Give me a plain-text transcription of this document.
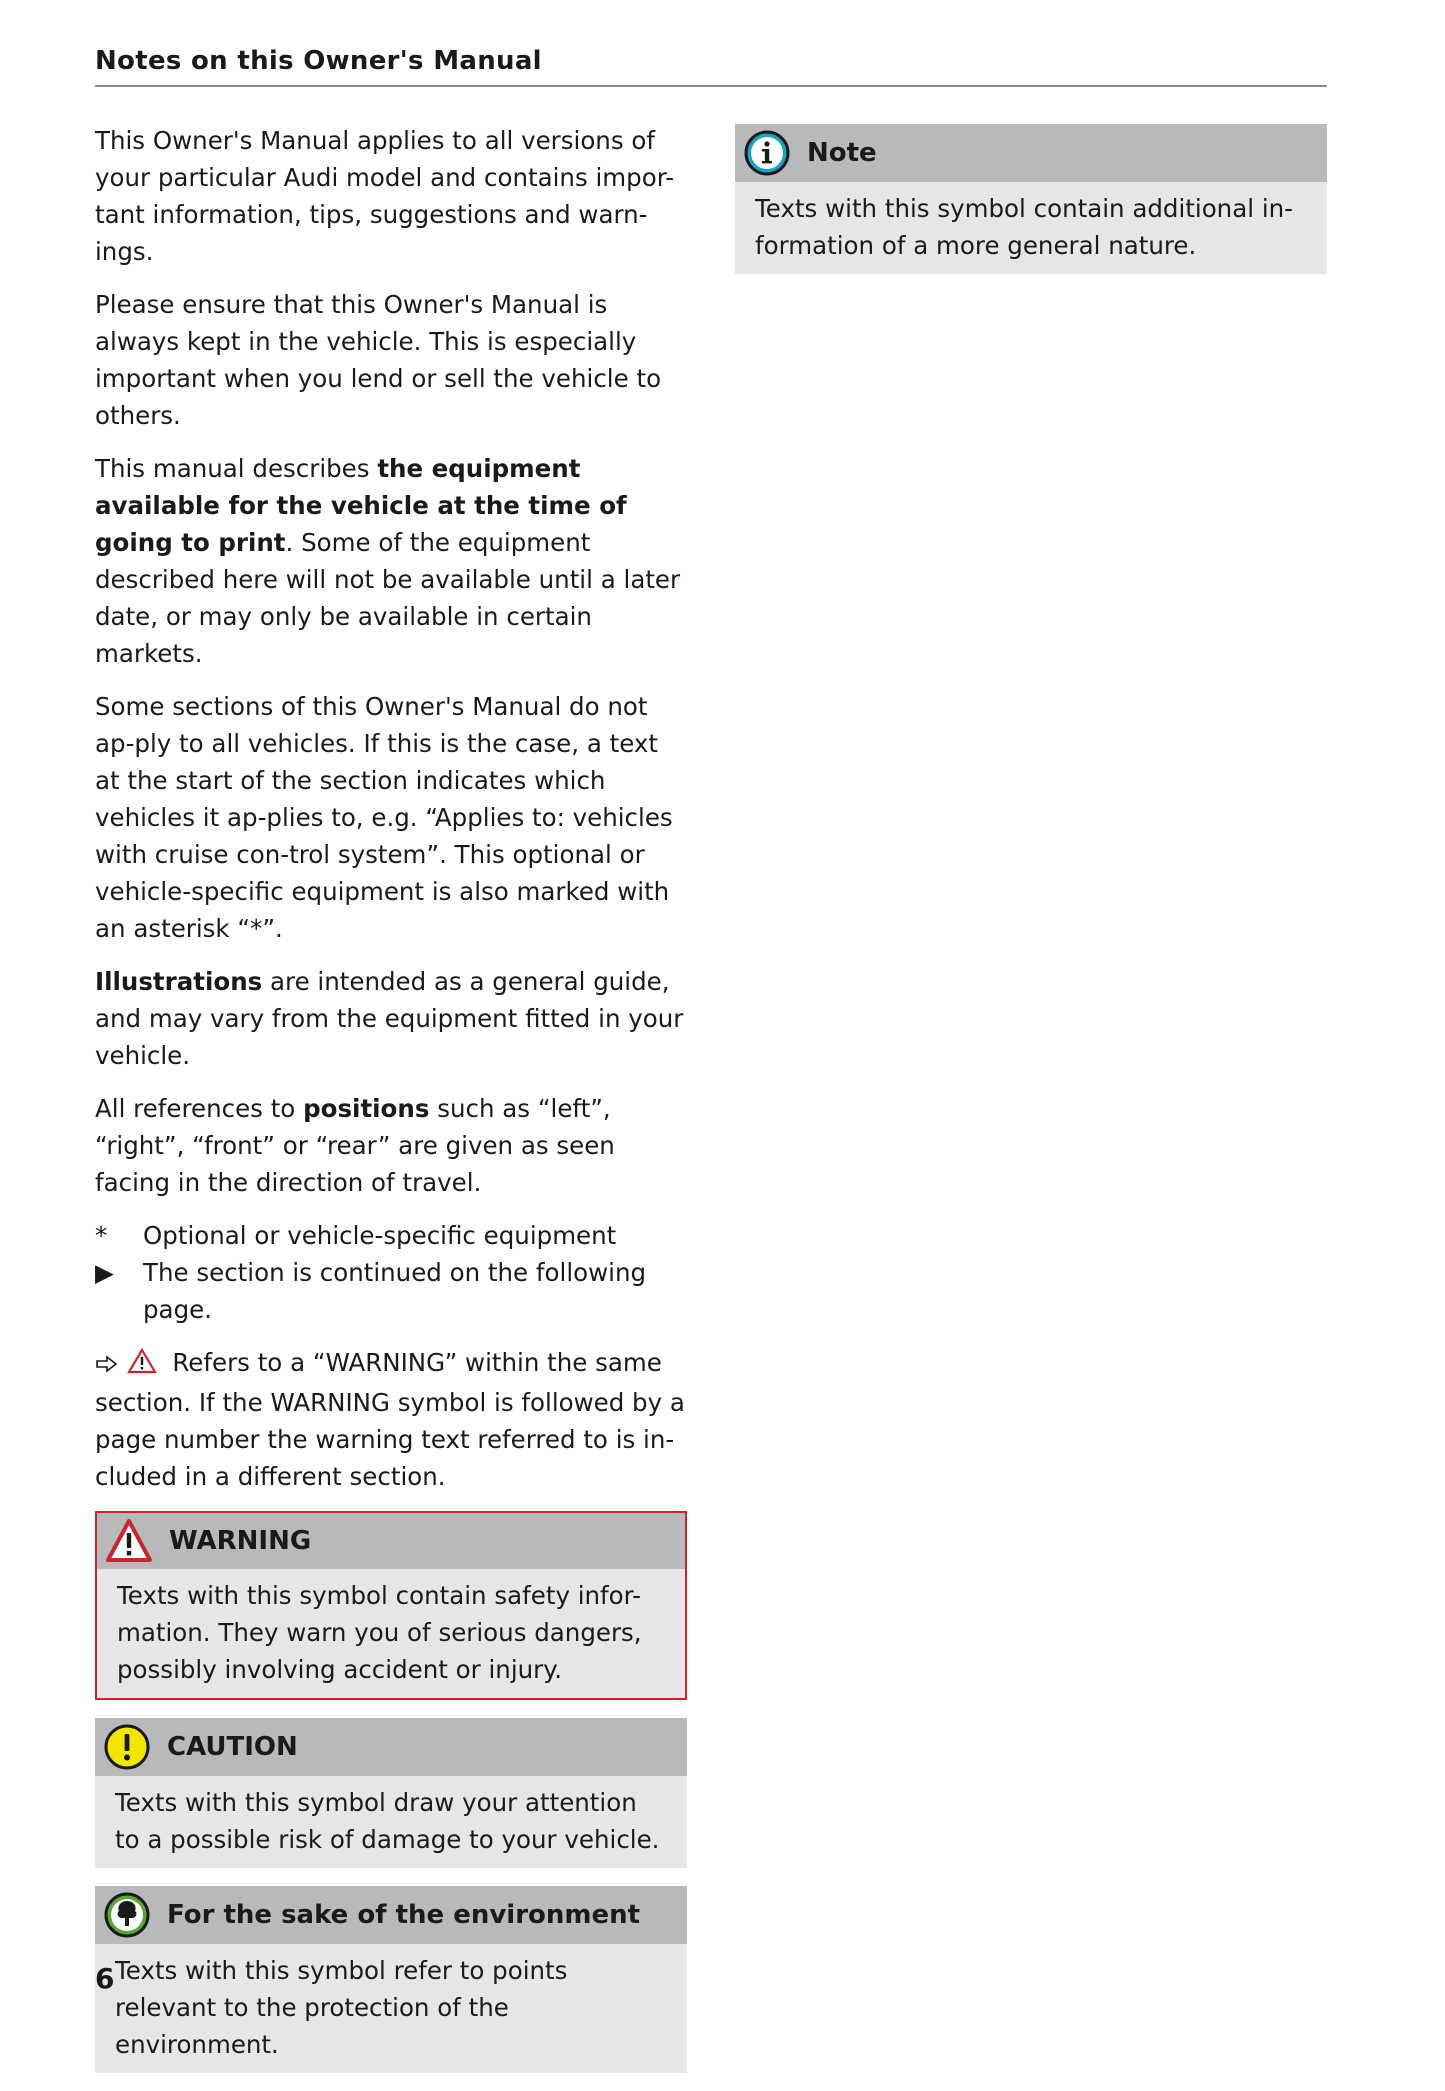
Notes on this Owner's Manual

This Owner's Manual applies to all versions of your particular Audi model and contains impor-tant information, tips, suggestions and warn-ings.

Please ensure that this Owner's Manual is always kept in the vehicle. This is especially important when you lend or sell the vehicle to others.

This manual describes the equipment available for the vehicle at the time of going to print. Some of the equipment described here will not be available until a later date, or may only be available in certain markets.

Some sections of this Owner's Manual do not ap-ply to all vehicles. If this is the case, a text at the start of the section indicates which vehicles it ap-plies to, e.g. “Applies to: vehicles with cruise con-trol system”. This optional or vehicle-specific equipment is also marked with an asterisk “*”.

Illustrations are intended as a general guide, and may vary from the equipment fitted in your vehicle.

All references to positions such as “left”, “right”, “front” or “rear” are given as seen facing in the direction of travel.

*	Optional or vehicle-specific equipment
▶	The section is continued on the following page.

Refers to a “WARNING” within the same section. If the WARNING symbol is followed by a page number the warning text referred to is in-cluded in a different section.

WARNING
Texts with this symbol contain safety infor-mation. They warn you of serious dangers, possibly involving accident or injury.
CAUTION
Texts with this symbol draw your attention to a possible risk of damage to your vehicle.
For the sake of the environment
Texts with this symbol refer to points relevant to the protection of the environment.
Note
Texts with this symbol contain additional in-formation of a more general nature.
6
